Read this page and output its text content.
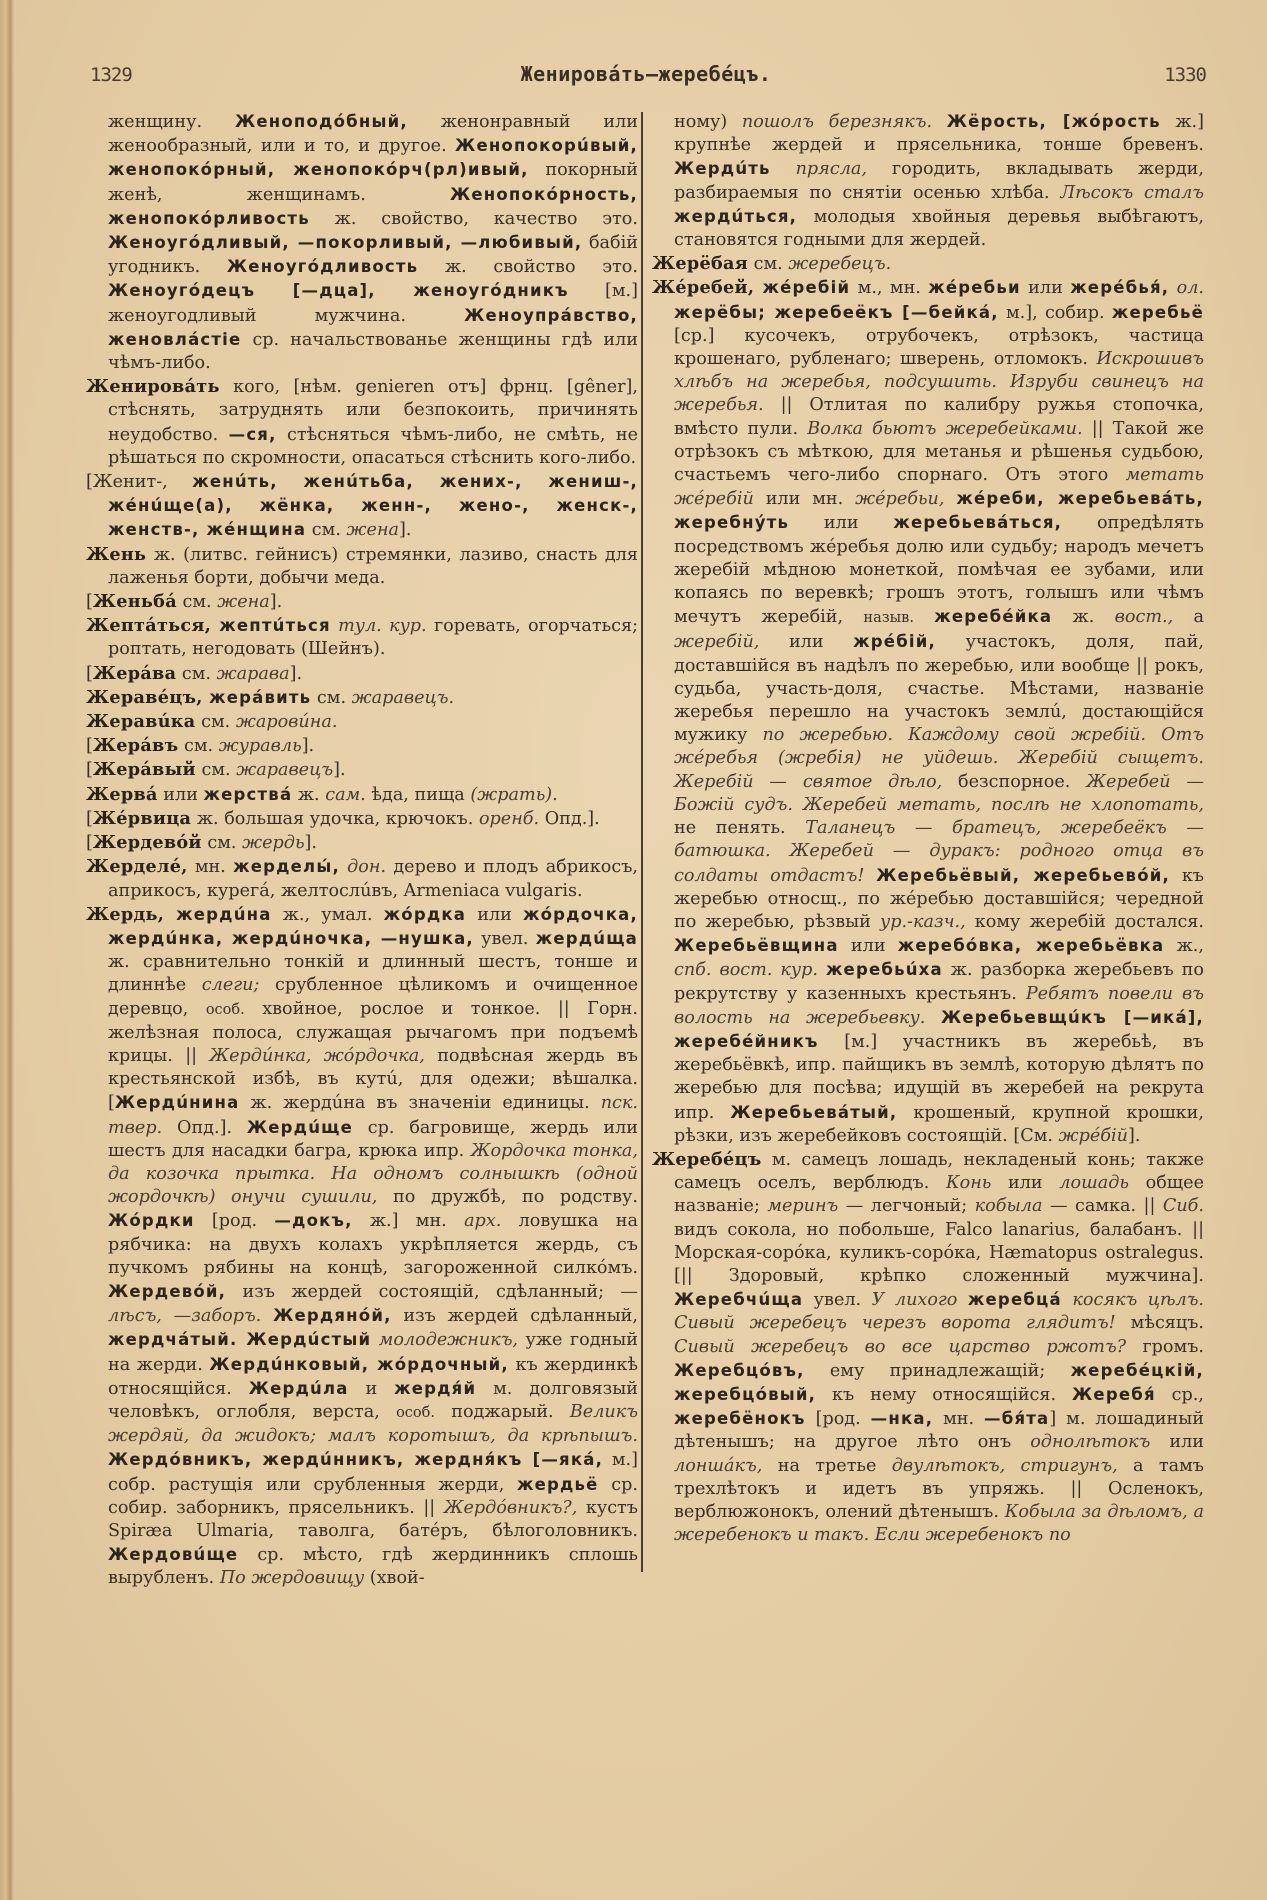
1329	Женировáть—жеребéцъ.	1330

женщину. Женоподóбный, женонравный или женообразный, или и то, и другое. Женопокорúвый, женопокóрный, женопокóрч(рл)ивый, покорный женѣ, женщинамъ. Женопокóрность, женопокóрливость ж. свойство, качество это. Женоугóдливый, —покорливый, —любивый, бабій угодникъ. Женоугóдливость ж. свойство это. Женоугóдецъ [—дца], женоугóдникъ [м.] женоугодливый мужчина. Женоупрáвство, женовлáстіе ср. начальствованье женщины гдѣ или чѣмъ-либо.

Женировáть кого, [нѣм. genieren отъ] фрнц. [gêner], стѣснять, затруднять или безпокоить, причинять неудобство. —ся, стѣсняться чѣмъ-либо, не смѣть, не рѣшаться по скромности, опасаться стѣснить кого-либо.

[Женит-, женúть, женúтьба, жених-, жениш-, жéнúще(а), жёнка, женн-, жено-, женск-, женств-, жéнщина см. жена].

Жень ж. (литвс. гейнисъ) стремянки, лазиво, снасть для лаженья борти, добычи меда.

[Женьбá см. жена].

Жептáться, жептúться тул. кур. горевать, огорчаться; роптать, негодовать (Шейнъ).

[Жерáва см. жарава].

Жеравéцъ, жерáвить см. жаравецъ.

Жеравúка см. жаровúна.

[Жерáвъ см. журавль].

[Жерáвый см. жаравецъ].

Жервá или жерствá ж. сам. ѣда, пища (жрать).

[Жéрвица ж. большая удочка, крючокъ. оренб. Опд.].

[Жердевóй см. жердь].

Жерделé, мн. жерделы́, дон. дерево и плодъ абрикосъ, априкосъ, курегá, желтослúвъ, Armeniaca vulgaris.

Жердь, жердúна ж., умал. жóрдка или жóрдочка, жердúнка, жердúночка, —нушка, увел. жердúща ж. сравнительно тонкій и длинный шестъ, тонше и длиннѣе слеги; срубленное цѣликомъ и очищенное деревцо, особ. хвойное, рослое и тонкое. || Горн. желѣзная полоса, служащая рычагомъ при подъемѣ крицы. || Жердúнка, жóрдочка, подвѣсная жердь въ крестьянской избѣ, въ кутú, для одежи; вѣшалка. [Жердúнина ж. жердúна въ значеніи единицы. пск. твер. Опд.]. Жердúще ср. багровище, жердь или шестъ для насадки багра, крюка ипр. Жордочка тонка, да козочка прытка. На одномъ солнышкѣ (одной жордочкѣ) онучи сушили, по дружбѣ, по родству. Жóрдки [род. —докъ, ж.] мн. арх. ловушка на рябчика: на двухъ колахъ укрѣпляется жердь, съ пучкомъ рябины на концѣ, загороженной силкóмъ. Жердевóй, изъ жердей состоящій, сдѣланный; —лѣсъ, —заборъ. Жердянóй, изъ жердей сдѣланный, жердчáтый. Жердúстый молодежникъ, уже годный на жерди. Жердúнковый, жóрдочный, къ жердинкѣ относящійся. Жердúла и жердя́й м. долговязый человѣкъ, оглобля, верста, особ. поджарый. Великъ жердяй, да жидокъ; малъ коротышъ, да крѣпышъ. Жердóвникъ, жердúнникъ, жердня́къ [—якá, м.] собр. растущія или срубленныя жерди, жердьё ср. собир. заборникъ, пряcельникъ. || Жердóвникъ?, кустъ Spiræa Ulmaria, таволга, батéръ, бѣлоголовникъ. Жердовúще ср. мѣсто, гдѣ жердинникъ сплошь вырубленъ. По жердовищу (хвой-

ному) пошолъ березнякъ. Жёрость, [жóрость ж.] крупнѣе жердей и прясельника, тонше бревенъ. Жердúть прясла, городить, вкладывать жерди, разбираемыя по снятіи осенью хлѣба. Лѣсокъ сталъ жердúться, молодыя хвойныя деревья выбѣгаютъ, становятся годными для жердей.

Жерёбая см. жеребецъ.

Жéребей, жéребій м., мн. жéребьи или жерéбья́, ол. жерёбы; жеребеёкъ [—бейкá, м.], собир. жеребьё [ср.] кусочекъ, отрубочекъ, отрѣзокъ, частица крошенаго, рубленаго; шверень, отломокъ. Искрошивъ хлѣбъ на жеребья, подсушить. Изруби свинецъ на жеребья. || Отлитая по калибру ружья стопочка, вмѣсто пули. Волка бьютъ жеребейками. || Такой же отрѣзокъ съ мѣткою, для метанья и рѣшенья судьбою, счастьемъ чего-либо спорнаго. Отъ этого метать жéребій или мн. жéребьи, жéреби, жеребьевáть, жеребнýть или жеребьевáться, опредѣлять посредствомъ жéребья долю или судьбу; народъ мечетъ жеребій мѣдною монеткой, помѣчая ее зубами, или копаясь по веревкѣ; грошъ этотъ, голышъ или чѣмъ мечутъ жеребій, назыв. жеребéйка ж. вост., а жеребій, или жрéбій, участокъ, доля, пай, доставшійся въ надѣлъ по жеребью, или вообще || рокъ, судьба, участь-доля, счастье. Мѣстами, названіе жеребья перешло на участокъ землú, достающійся мужику по жеребью. Каждому свой жребій. Отъ жéребья (жребія) не уйдешь. Жеребій сыщетъ. Жеребій — святое дѣло, безспорное. Жеребей — Божій судъ. Жеребей метать, послѣ не хлопотать, не пенять. Таланецъ — братецъ, жеребеёкъ — батюшка. Жеребей — дуракъ: родного отца въ солдаты отдастъ! Жеребьёвый, жеребьевóй, къ жеребью относщ., по жéребью доставшійся; чередной по жеребью, рѣзвый ур.-казч., кому жеребій достался. Жеребьёвщина или жеребóвка, жеребьёвка ж., спб. вост. кур. жеребьúха ж. разборка жеребьевъ по рекрутству у казенныхъ крестьянъ. Ребятъ повели въ волость на жеребьевку. Жеребьевщúкъ [—икá], жеребéйникъ [м.] участникъ въ жеребьѣ, въ жеребьёвкѣ, ипр. пайщикъ въ землѣ, которую дѣлятъ по жеребью для посѣва; идущій въ жеребей на рекрута ипр. Жеребьевáтый, крошеный, крупной крошки, рѣзки, изъ жеребейковъ состоящій. [См. жрéбій].

Жеребéцъ м. самецъ лошадь, некладеный конь; также самецъ оселъ, верблюдъ. Конь или лошадь общее названіе; меринъ — легчоный; кобыла — самка. || Сиб. видъ сокола, но побольше, Falco lanarius, балабанъ. || Морская-сорóка, куликъ-сорóка, Hæmatopus ostralegus. [|| Здоровый, крѣпко сложенный мужчина]. Жеребчúща увел. У лихого жеребцá косякъ цѣлъ. Сивый жеребецъ черезъ ворота глядитъ! мѣсяцъ. Сивый жеребецъ во все царство ржотъ? громъ. Жеребцóвъ, ему принадлежащій; жеребéцкій, жеребцóвый, къ нему относящійся. Жеребя́ ср., жеребёнокъ [род. —нка, мн. —бя́та] м. лошадиный дѣтенышъ; на другое лѣто онъ однолѣтокъ или лоншáкъ, на третье двулѣтокъ, стригунъ, а тамъ трехлѣтокъ и идетъ въ упряжь. || Осленокъ, верблюжонокъ, олений дѣтенышъ. Кобыла за дѣломъ, а жеребенокъ и такъ. Если жеребенокъ по
